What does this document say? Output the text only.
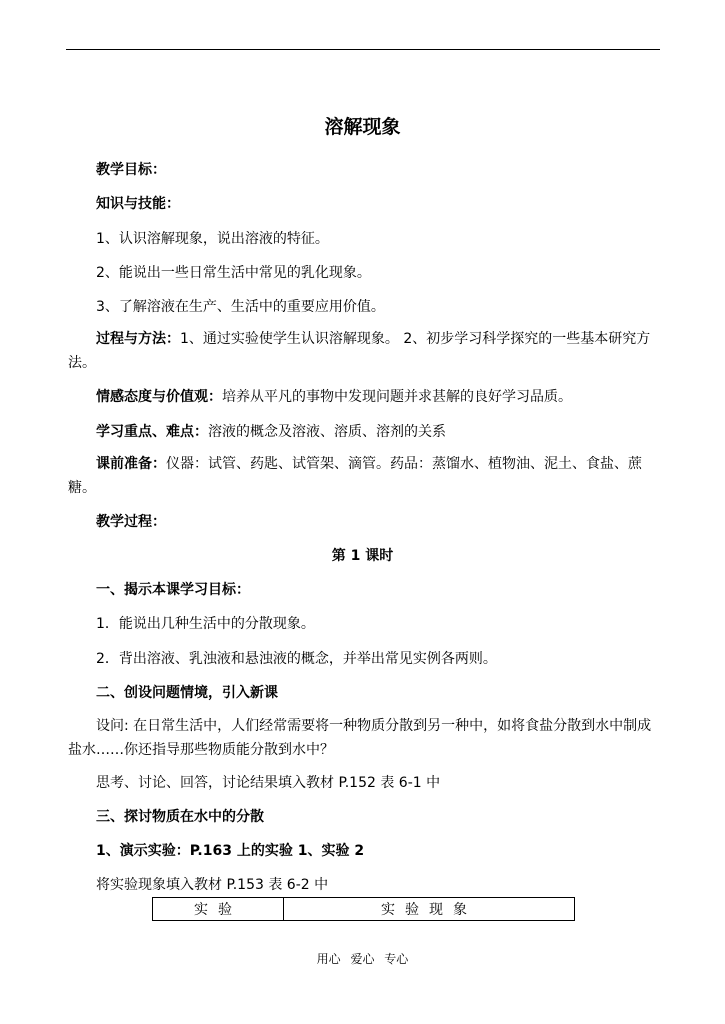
溶解现象
教学目标：
知识与技能：
1、认识溶解现象，说出溶液的特征。
2、能说出一些日常生活中常见的乳化现象。
3、了解溶液在生产、生活中的重要应用价值。
过程与方法：1、通过实验使学生认识溶解现象。 2、初步学习科学探究的一些基本研究方法。
情感态度与价值观：培养从平凡的事物中发现问题并求甚解的良好学习品质。
学习重点、难点：溶液的概念及溶液、溶质、溶剂的关系
课前准备：仪器：试管、药匙、试管架、滴管。药品：蒸馏水、植物油、泥土、食盐、蔗糖。
教学过程：
第 1 课时
一、揭示本课学习目标：
1．能说出几种生活中的分散现象。
2．背出溶液、乳浊液和悬浊液的概念，并举出常见实例各两则。
二、创设问题情境，引入新课
设问: 在日常生活中，人们经常需要将一种物质分散到另一种中，如将食盐分散到水中制成盐水……你还指导那些物质能分散到水中？
思考、讨论、回答，讨论结果填入教材 P.152 表 6-1 中
三、探讨物质在水中的分散
1、演示实验：P.163 上的实验 1、实验 2
将实验现象填入教材 P.153 表 6-2 中
实验	实验现象
用心 爱心 专心
